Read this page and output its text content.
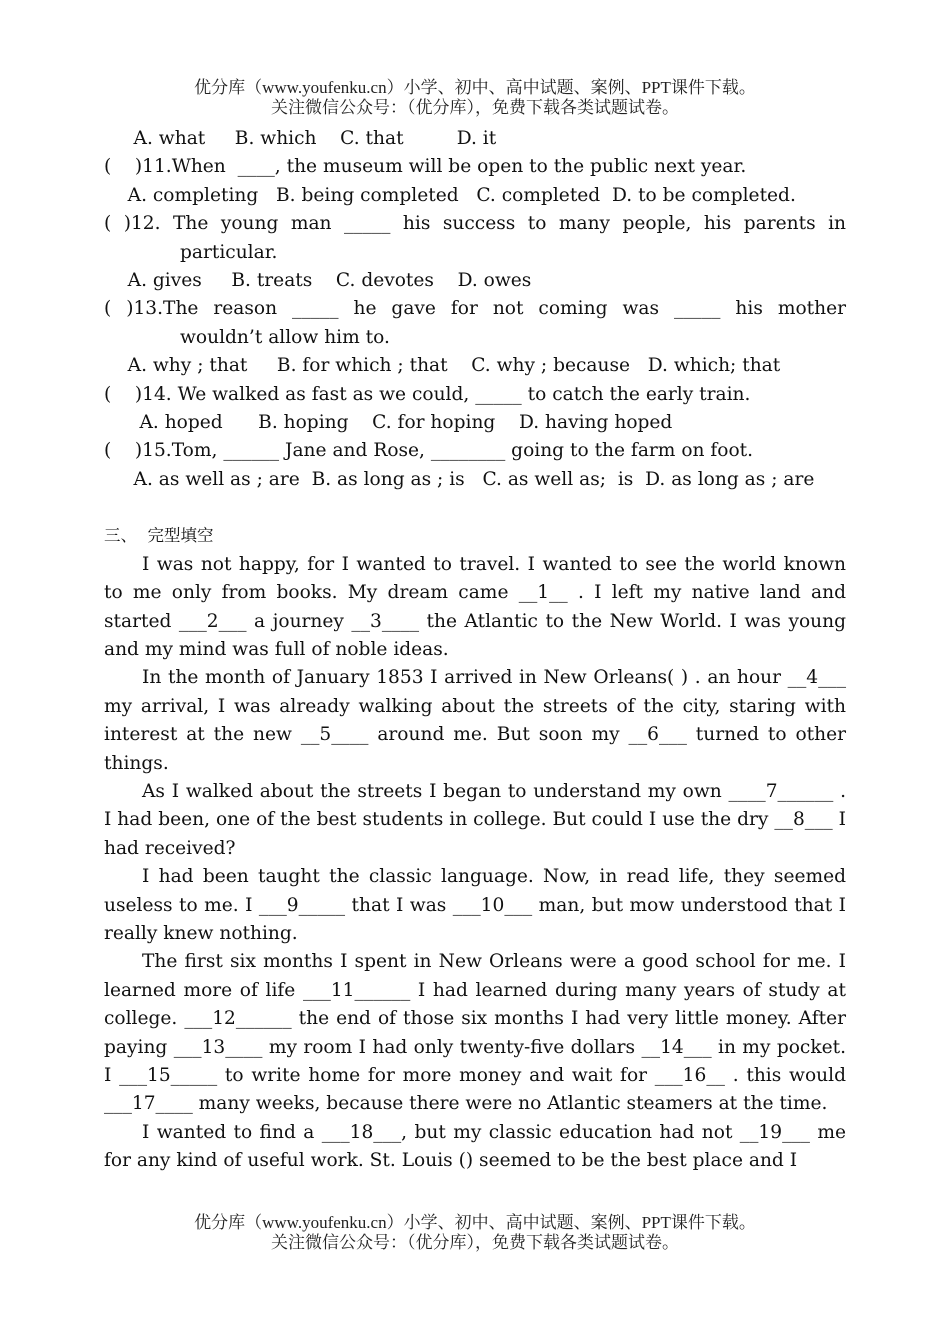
优分库（www.youfenku.cn）小学、初中、高中试题、案例、PPT课件下载。
关注微信公众号：（优分库），免费下载各类试题试卷。
A. what     B. which    C. that         D. it
(    )11.When  ____, the museum will be open to the public next year.
A. completing   B. being completed   C. completed  D. to be completed.
( )12. The young man _____ his success to many people, his parents in
particular.
A. gives     B. treats    C. devotes    D. owes
( )13.The reason _____ he gave for not coming was _____ his mother
wouldn’t allow him to.
A. why ; that     B. for which ; that    C. why ; because   D. which; that
(    )14. We walked as fast as we could, _____ to catch the early train.
A. hoped      B. hoping    C. for hoping    D. having hoped
(    )15.Tom, ______ Jane and Rose, ________ going to the farm on foot.
A. as well as ; are  B. as long as ; is   C. as well as;  is  D. as long as ; are
三、  完型填空
I was not happy, for I wanted to travel. I wanted to see the world known to me only from books. My dream came __1__ . I left my native land and started ___2___ a journey __3____ the Atlantic to the New World. I was young and my mind was full of noble ideas.
In the month of January 1853 I arrived in New Orleans( ) . an hour __4___ my arrival, I was already walking about the streets of the city, staring with interest at the new __5____ around me. But soon my __6___ turned to other things.
As I walked about the streets I began to understand my own ____7______ . I had been, one of the best students in college. But could I use the dry __8___ I had received?
I had been taught the classic language. Now, in read life, they seemed useless to me. I ___9_____ that I was ___10___ man, but mow understood that I really knew nothing.
The first six months I spent in New Orleans were a good school for me. I learned more of life ___11______ I had learned during many years of study at college. ___12______ the end of those six months I had very little money. After paying ___13____ my room I had only twenty-five dollars __14___ in my pocket. I ___15_____ to write home for more money and wait for ___16__ . this would ___17____ many weeks, because there were no Atlantic steamers at the time.
I wanted to find a ___18___, but my classic education had not __19___ me for any kind of useful work. St. Louis () seemed to be the best place and I
优分库（www.youfenku.cn）小学、初中、高中试题、案例、PPT课件下载。
关注微信公众号：（优分库），免费下载各类试题试卷。
